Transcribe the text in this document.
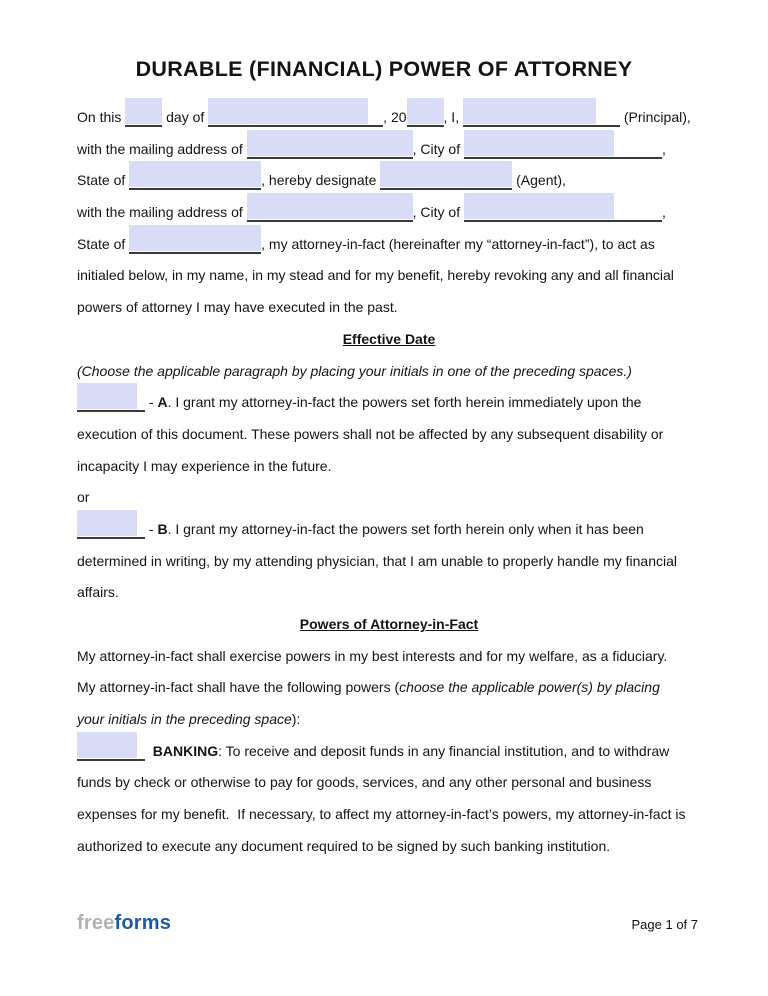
DURABLE (FINANCIAL) POWER OF ATTORNEY
On this	day of	, 20	, I,	(Principal),
with the mailing address of	, City of	,
State of	, hereby designate	(Agent),
with the mailing address of	, City of	,
State of	, my attorney-in-fact (hereinafter my “attorney-in-fact”), to act as
initialed below, in my name, in my stead and for my benefit, hereby revoking any and all financial
powers of attorney I may have executed in the past.
Effective Date
(Choose the applicable paragraph by placing your initials in one of the preceding spaces.)
- A. I grant my attorney-in-fact the powers set forth herein immediately upon the
execution of this document. These powers shall not be affected by any subsequent disability or
incapacity I may experience in the future.
or
- B. I grant my attorney-in-fact the powers set forth herein only when it has been
determined in writing, by my attending physician, that I am unable to properly handle my financial
affairs.
Powers of Attorney-in-Fact
My attorney-in-fact shall exercise powers in my best interests and for my welfare, as a fiduciary.
My attorney-in-fact shall have the following powers (choose the applicable power(s) by placing
your initials in the preceding space):
BANKING: To receive and deposit funds in any financial institution, and to withdraw
funds by check or otherwise to pay for goods, services, and any other personal and business
expenses for my benefit.  If necessary, to affect my attorney-in-fact’s powers, my attorney-in-fact is
authorized to execute any document required to be signed by such banking institution.
freeforms	Page 1 of 7
